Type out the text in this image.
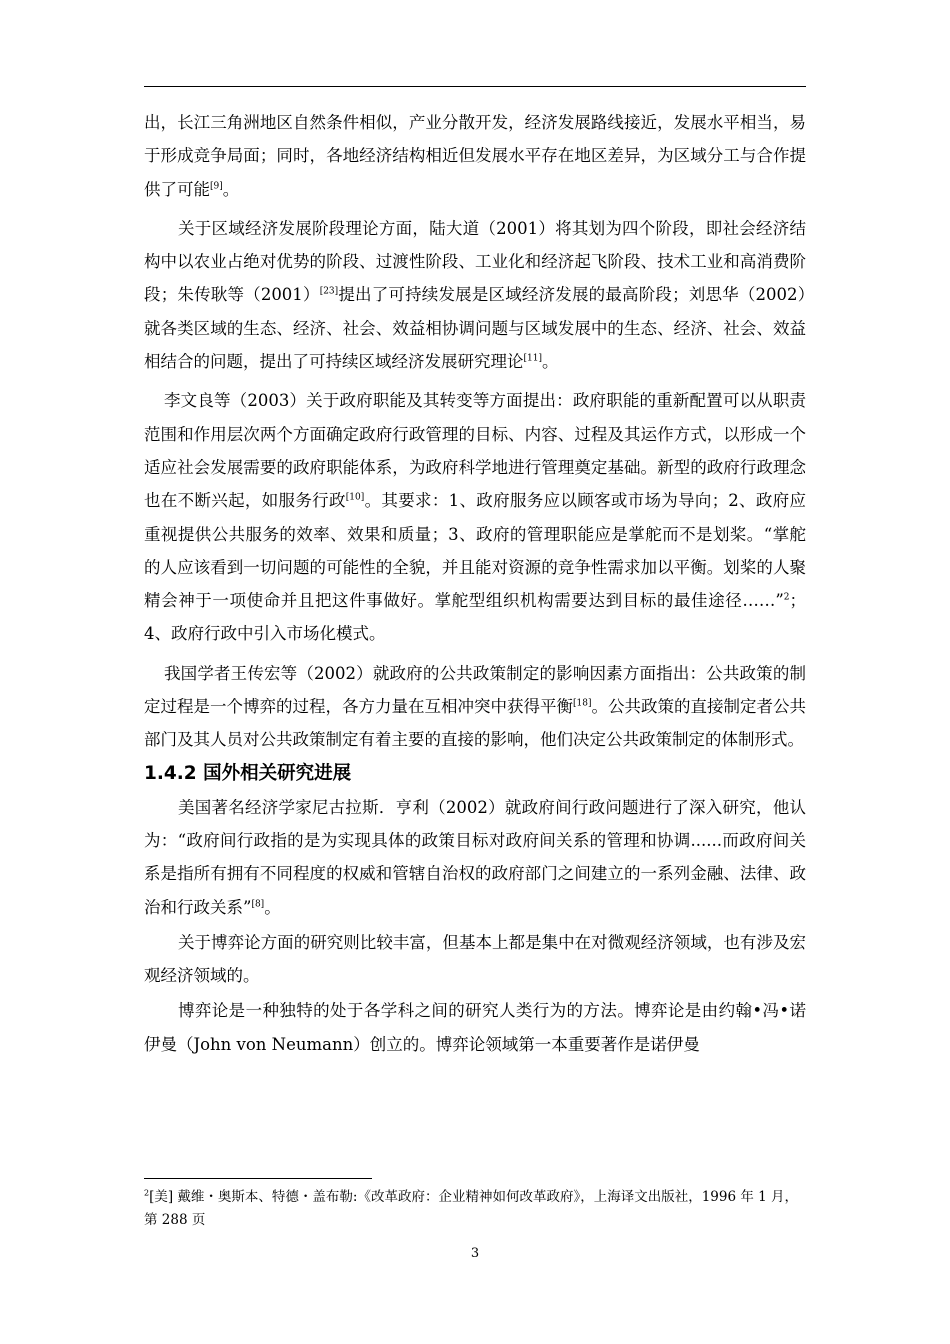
出，长江三角洲地区自然条件相似，产业分散开发，经济发展路线接近，发展水平相当，易于形成竞争局面；同时，各地经济结构相近但发展水平存在地区差异，为区域分工与合作提供了可能[9]。

关于区域经济发展阶段理论方面，陆大道（2001）将其划为四个阶段，即社会经济结构中以农业占绝对优势的阶段、过渡性阶段、工业化和经济起飞阶段、技术工业和高消费阶段；朱传耿等（2001）[23]提出了可持续发展是区域经济发展的最高阶段；刘思华（2002）就各类区域的生态、经济、社会、效益相协调问题与区域发展中的生态、经济、社会、效益相结合的问题，提出了可持续区域经济发展研究理论[11]。

李文良等（2003）关于政府职能及其转变等方面提出：政府职能的重新配置可以从职责范围和作用层次两个方面确定政府行政管理的目标、内容、过程及其运作方式，以形成一个适应社会发展需要的政府职能体系，为政府科学地进行管理奠定基础。新型的政府行政理念也在不断兴起，如服务行政[10]。其要求：1、政府服务应以顾客或市场为导向；2、政府应重视提供公共服务的效率、效果和质量；3、政府的管理职能应是掌舵而不是划桨。“掌舵的人应该看到一切问题的可能性的全貌，并且能对资源的竞争性需求加以平衡。划桨的人聚精会神于一项使命并且把这件事做好。掌舵型组织机构需要达到目标的最佳途径……”$^2$；4、政府行政中引入市场化模式。

我国学者王传宏等（2002）就政府的公共政策制定的影响因素方面指出：公共政策的制定过程是一个博弈的过程，各方力量在互相冲突中获得平衡[18]。公共政策的直接制定者公共部门及其人员对公共政策制定有着主要的直接的影响，他们决定公共政策制定的体制形式。

1.4.2 国外相关研究进展

美国著名经济学家尼古拉斯．亨利（2002）就政府间行政问题进行了深入研究，他认为：“政府间行政指的是为实现具体的政策目标对政府间关系的管理和协调......而政府间关系是指所有拥有不同程度的权威和管辖自治权的政府部门之间建立的一系列金融、法律、政治和行政关系”[8]。

关于博弈论方面的研究则比较丰富，但基本上都是集中在对微观经济领域，也有涉及宏观经济领域的。

博弈论是一种独特的处于各学科之间的研究人类行为的方法。博弈论是由约翰•冯•诺伊曼（John von Neumann）创立的。博弈论领域第一本重要著作是诺伊曼

$^2$[美] 戴维・奥斯本、特德・盖布勒:《改革政府：企业精神如何改革政府》，上海译文出版社，1996 年 1 月，第 288 页

3
